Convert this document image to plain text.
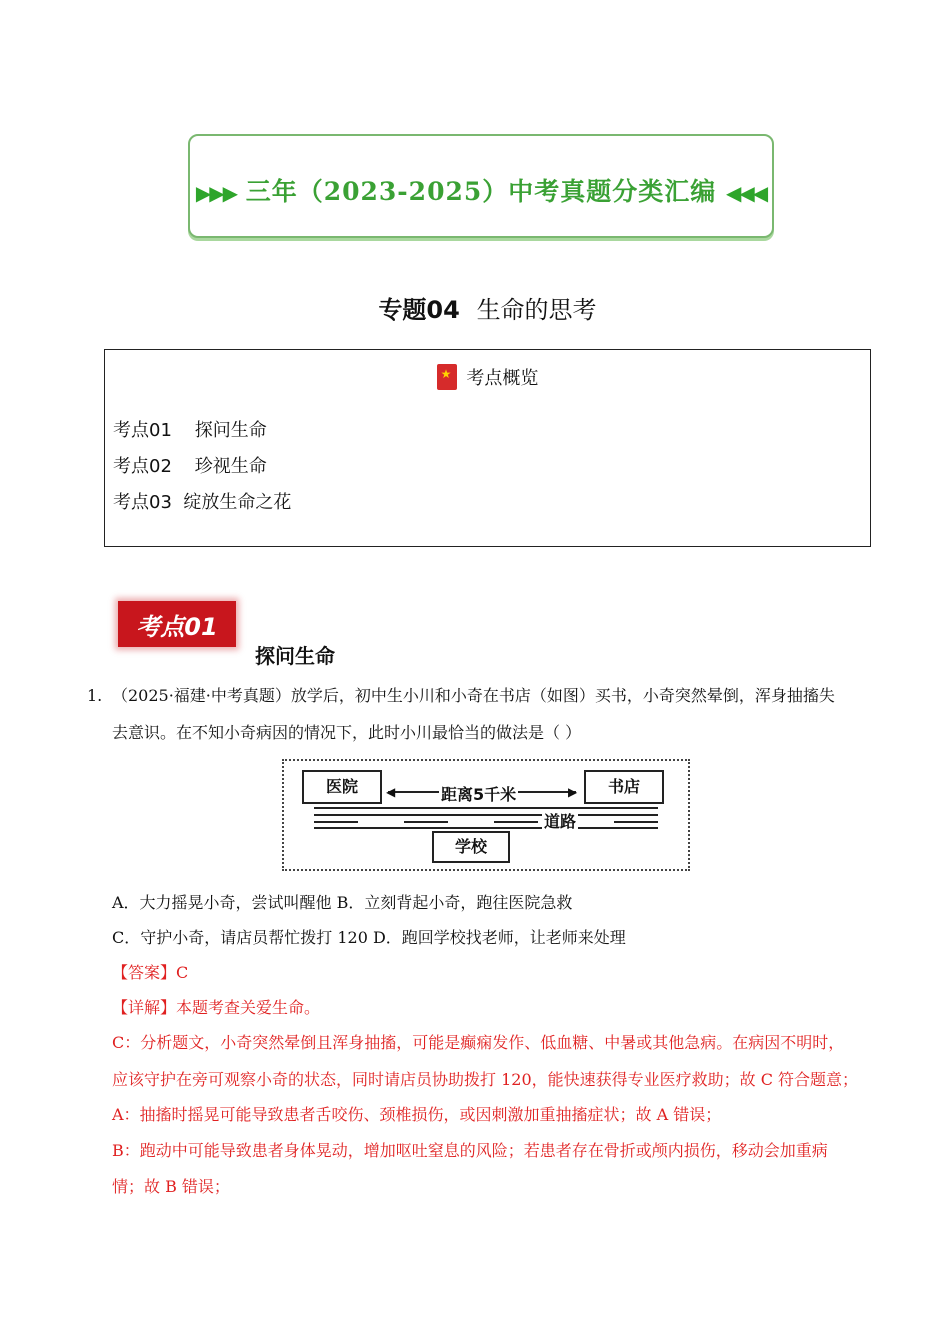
▶▶▶ 三年（2023-2025）中考真题分类汇编 ◀◀◀
专题04 生命的思考
★ 考点概览
考点01    探问生命
考点02    珍视生命
考点03  绽放生命之花
考点01
探问生命
1. （2025·福建·中考真题）放学后，初中生小川和小奇在书店（如图）买书，小奇突然晕倒，浑身抽搐失
去意识。在不知小奇病因的情况下，此时小川最恰当的做法是（ ）
医院	书店
◀	▶
距离5千米
道路
学校
A．大力摇晃小奇，尝试叫醒他 B．立刻背起小奇，跑往医院急救
C．守护小奇，请店员帮忙拨打 120 D．跑回学校找老师，让老师来处理
【答案】C
【详解】本题考查关爱生命。
C：分析题文，小奇突然晕倒且浑身抽搐，可能是癫痫发作、低血糖、中暑或其他急病。在病因不明时，
应该守护在旁可观察小奇的状态，同时请店员协助拨打 120，能快速获得专业医疗救助；故 C 符合题意；
A：抽搐时摇晃可能导致患者舌咬伤、颈椎损伤，或因刺激加重抽搐症状；故 A 错误；
B：跑动中可能导致患者身体晃动，增加呕吐窒息的风险；若患者存在骨折或颅内损伤，移动会加重病
情；故 B 错误；
